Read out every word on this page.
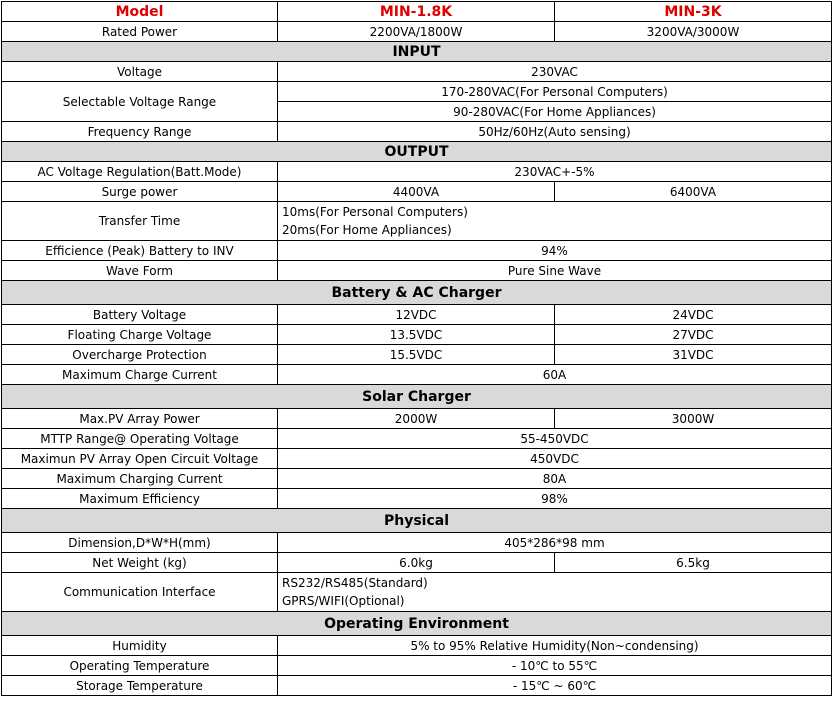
Model	MIN-1.8K	MIN-3K
Rated Power	2200VA/1800W	3200VA/3000W
INPUT		
Voltage	230VAC	
Selectable Voltage Range	170-280VAC(For Personal Computers)	
	90-280VAC(For Home Appliances)	
Frequency Range	50Hz/60Hz(Auto sensing)	
OUTPUT		
AC Voltage Regulation(Batt.Mode)	230VAC+-5%	
Surge power	4400VA	6400VA
Transfer Time	10ms(For Personal Computers)
20ms(For Home Appliances)	

Efficience (Peak) Battery to INV	94%	
Wave Form	Pure Sine Wave	
Battery & AC Charger		
Battery Voltage	12VDC	24VDC
Floating Charge Voltage	13.5VDC	27VDC
Overcharge Protection	15.5VDC	31VDC
Maximum Charge Current	60A	
Solar Charger		
Max.PV Array Power	2000W	3000W
MTTP Range@ Operating Voltage	55-450VDC	
Maximun PV Array Open Circuit Voltage	450VDC	
Maximum Charging Current	80A	
Maximum Efficiency	98%	
Physical		
Dimension,D*W*H(mm)	405*286*98 mm	
Net Weight (kg)	6.0kg	6.5kg
Communication Interface	RS232/RS485(Standard)
GPRS/WIFI(Optional)	

Operating Environment		
Humidity	5% to 95% Relative Humidity(Non~condensing)	
Operating Temperature	- 10℃ to 55℃	
Storage Temperature	- 15℃ ~ 60℃	
